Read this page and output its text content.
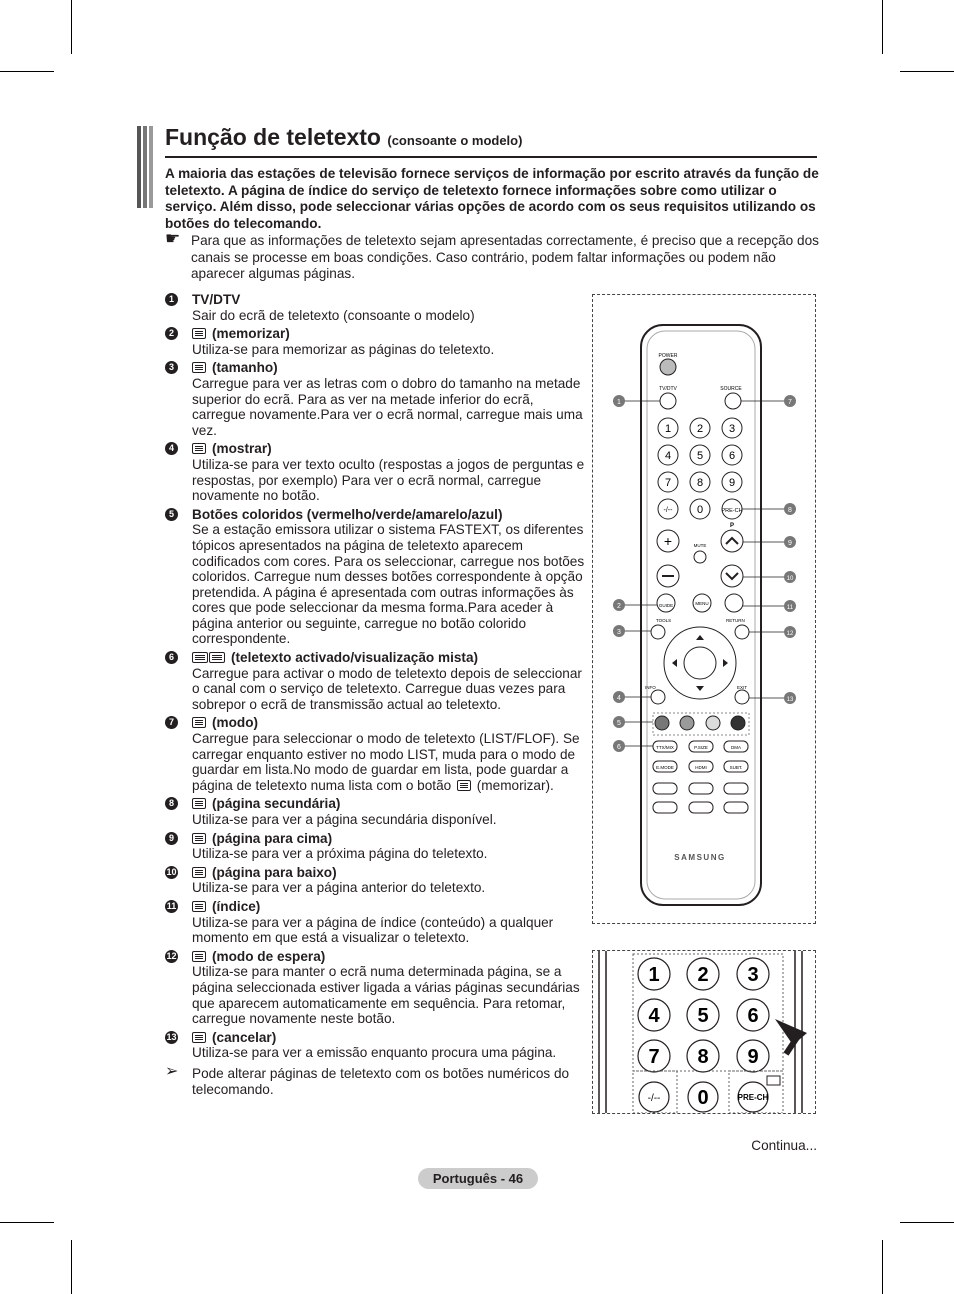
Função de teletexto (consoante o modelo)
A maioria das estações de televisão fornece serviços de informação por escrito através da função de teletexto. A página de índice do serviço de teletexto fornece informações sobre como utilizar o serviço. Além disso, pode seleccionar várias opções de acordo com os seus requisitos utilizando os botões do telecomando.
☛ Para que as informações de teletexto sejam apresentadas correctamente, é preciso que a recepção dos canais se processe em boas condições. Caso contrário, podem faltar informações ou podem não aparecer algumas páginas.
1 TV/DTV
Sair do ecrã de teletexto (consoante o modelo)
2	(memorizar)
Utiliza-se para memorizar as páginas do teletexto.
3	(tamanho)
Carregue para ver as letras com o dobro do tamanho na metade superior do ecrã. Para as ver na metade inferior do ecrã, carregue novamente.Para ver o ecrã normal, carregue mais uma vez.
4	(mostrar)
Utiliza-se para ver texto oculto (respostas a jogos de perguntas e respostas, por exemplo) Para ver o ecrã normal, carregue novamente no botão.
5 Botões coloridos (vermelho/verde/amarelo/azul)
Se a estação emissora utilizar o sistema FASTEXT, os diferentes tópicos apresentados na página de teletexto aparecem codificados com cores. Para os seleccionar, carregue nos botões coloridos. Carregue num desses botões correspondente à opção pretendida. A página é apresentada com outras informações às cores que pode seleccionar da mesma forma.Para aceder à página anterior ou seguinte, carregue no botão colorido correspondente.
6	(teletexto activado/visualização mista)
Carregue para activar o modo de teletexto depois de seleccionar o canal com o serviço de teletexto. Carregue duas vezes para sobrepor o ecrã de transmissão actual ao teletexto.
7	(modo)
Carregue para seleccionar o modo de teletexto (LIST/FLOF). Se carregar enquanto estiver no modo LIST, muda para o modo de guardar em lista.No modo de guardar em lista, pode guardar a página de teletexto numa lista com o botão (memorizar).
8	(página secundária)
Utiliza-se para ver a página secundária disponível.
9	(página para cima)
Utiliza-se para ver a próxima página do teletexto.
10	(página para baixo)
Utiliza-se para ver a página anterior do teletexto.
11	(índice)
Utiliza-se para ver a página de índice (conteúdo) a qualquer momento em que está a visualizar o teletexto.
12	(modo de espera)
Utiliza-se para manter o ecrã numa determinada página, se a página seleccionada estiver ligada a várias páginas secundárias que aparecem automaticamente em sequência. Para retomar, carregue novamente neste botão.
13	(cancelar)
Utiliza-se para ver a emissão enquanto procura uma página.
➢ Pode alterar páginas de teletexto com os botões numéricos do telecomando.
POWER
TV/DTV	SOURCE
1 2 3
4 5 6
7 8 9
-/-- 0	PRE-CH
P
+	MUTE
GUIDE	MENU
TOOLS	RETURN
INFO	EXIT
TTX/MIX	P.SIZE	DMA
E.MODE	HDMI	SUBT.
SAMSUNG
1
2
3
4
5
6
7
8
9
10
11
12
13
1 2 3
4 5 6
7 8 9
-/-- 0	PRE-CH
Continua...
Português - 46
